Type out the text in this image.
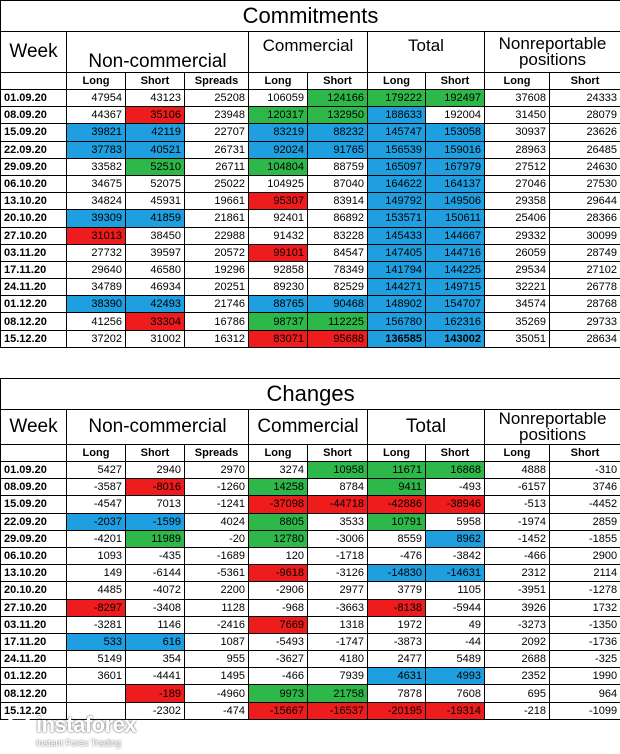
Commitments									
Week	Non-commercial			Commercial		Total		Nonreportable positions	
	Long	Short	Spreads	Long	Short	Long	Short	Long	Short
01.09.20	47954	43123	25208	106059	124166	179222	192497	37608	24333
08.09.20	44367	35106	23948	120317	132950	188633	192004	31450	28079
15.09.20	39821	42119	22707	83219	88232	145747	153058	30937	23626
22.09.20	37783	40521	26731	92024	91765	156539	159016	28963	26485
29.09.20	33582	52510	26711	104804	88759	165097	167979	27512	24630
06.10.20	34675	52075	25022	104925	87040	164622	164137	27046	27530
13.10.20	34824	45931	19661	95307	83914	149792	149506	29358	29644
20.10.20	39309	41859	21861	92401	86892	153571	150611	25406	28366
27.10.20	31013	38450	22988	91432	83228	145433	144667	29332	30099
03.11.20	27732	39597	20572	99101	84547	147405	144716	26059	28749
17.11.20	29640	46580	19296	92858	78349	141794	144225	29534	27102
24.11.20	34789	46934	20251	89230	82529	144271	149715	32221	26778
01.12.20	38390	42493	21746	88765	90468	148902	154707	34574	28768
08.12.20	41256	33304	16786	98737	112225	156780	162316	35269	29733
15.12.20	37202	31002	16312	83071	95688	136585	143002	35051	28634
Changes									
Week	Non-commercial			Commercial		Total		Nonreportable positions	
	Long	Short	Spreads	Long	Short	Long	Short	Long	Short
01.09.20	5427	2940	2970	3274	10958	11671	16868	4888	-310
08.09.20	-3587	-8016	-1260	14258	8784	9411	-493	-6157	3746
15.09.20	-4547	7013	-1241	-37098	-44718	-42886	-38946	-513	-4452
22.09.20	-2037	-1599	4024	8805	3533	10791	5958	-1974	2859
29.09.20	-4201	11989	-20	12780	-3006	8559	8962	-1452	-1855
06.10.20	1093	-435	-1689	120	-1718	-476	-3842	-466	2900
13.10.20	149	-6144	-5361	-9618	-3126	-14830	-14631	2312	2114
20.10.20	4485	-4072	2200	-2906	2977	3779	1105	-3951	-1278
27.10.20	-8297	-3408	1128	-968	-3663	-8138	-5944	3926	1732
03.11.20	-3281	1146	-2416	7669	1318	1972	49	-3273	-1350
17.11.20	533	616	1087	-5493	-1747	-3873	-44	2092	-1736
24.11.20	5149	354	955	-3627	4180	2477	5489	2688	-325
01.12.20	3601	-4441	1495	-466	7939	4631	4993	2352	1990
08.12.20		-189	-4960	9973	21758	7878	7608	695	964
15.12.20		-2302	-474	-15667	-16537	-20195	-19314	-218	-1099
instaforex
Instant Forex Trading
